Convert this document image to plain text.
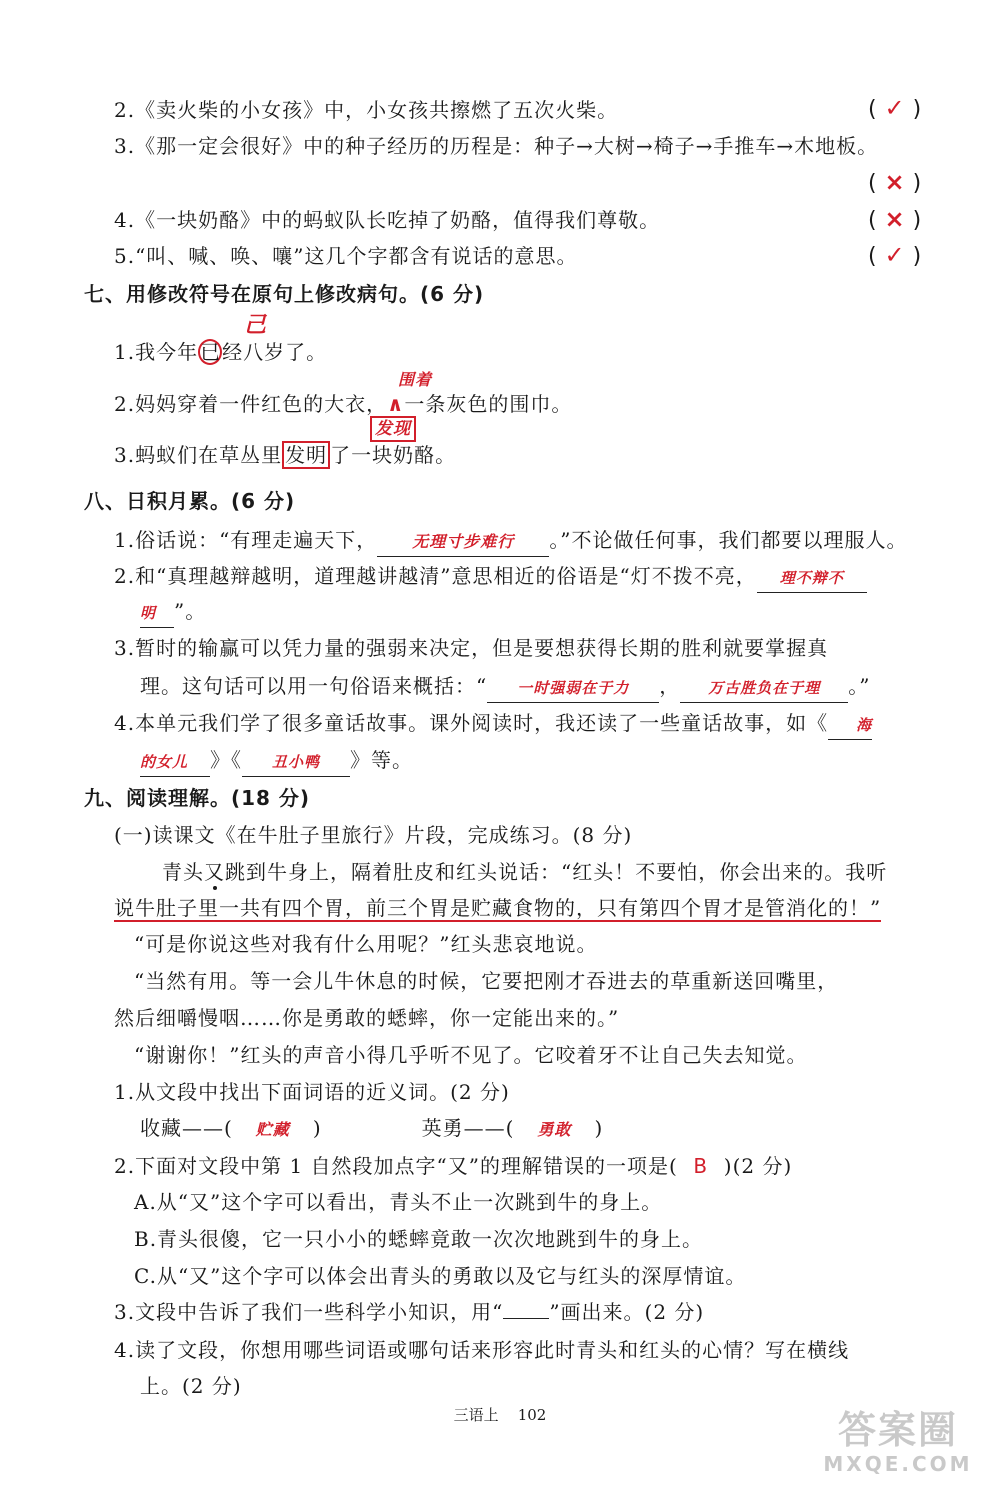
2.《卖火柴的小女孩》中，小女孩共擦燃了五次火柴。	( ✓ )
3.《那一定会很好》中的种子经历的历程是：种子→大树→椅子→手推车→木地板。
( × )
4.《一块奶酪》中的蚂蚁队长吃掉了奶酪，值得我们尊敬。	( × )
5.“叫、喊、唤、嚷”这几个字都含有说话的意思。	( ✓ )
七、用修改符号在原句上修改病句。(6 分)
1.我今年 已经八岁了。
己
2.妈妈穿着一件红色的大衣，∧一条灰色的围巾。
围着
3.蚂蚁们在草丛里 发明 了一块奶酪。
发现
八、日积月累。(6 分)
1.俗话说：“有理走遍天下， 无理寸步难行 。”不论做任何事，我们都要以理服人。
2.和“真理越辩越明，道理越讲越清”意思相近的俗语是“灯不拨不亮， 理不辩不
明 ”。
3.暂时的输赢可以凭力量的强弱来决定，但是要想获得长期的胜利就要掌握真
理。这句话可以用一句俗语来概括：“ 一时强弱在于力 ， 万古胜负在于理 。”
4.本单元我们学了很多童话故事。课外阅读时，我还读了一些童话故事，如《 海
的女儿 》《 丑小鸭 》等。
九、阅读理解。(18 分)
(一)读课文《在牛肚子里旅行》片段，完成练习。(8 分)
青头又跳到牛身上，隔着肚皮和红头说话：“红头！不要怕，你会出来的。我听
说牛肚子里一共有四个胃，前三个胃是贮藏食物的，只有第四个胃才是管消化的！”
“可是你说这些对我有什么用呢？”红头悲哀地说。
“当然有用。等一会儿牛休息的时候，它要把刚才吞进去的草重新送回嘴里，
然后细嚼慢咽……你是勇敢的蟋蟀，你一定能出来的。”
“谢谢你！”红头的声音小得几乎听不见了。它咬着牙不让自己失去知觉。
1.从文段中找出下面词语的近义词。(2 分)
收藏——( 贮藏 )	英勇——( 勇敢 )
2.下面对文段中第 1 自然段加点字“又”的理解错误的一项是( B )(2 分)
A.从“又”这个字可以看出，青头不止一次跳到牛的身上。
B.青头很傻，它一只小小的蟋蟀竟敢一次次地跳到牛的身上。
C.从“又”这个字可以体会出青头的勇敢以及它与红头的深厚情谊。
3.文段中告诉了我们一些科学小知识，用“ ”画出来。(2 分)
4.读了文段，你想用哪些词语或哪句话来形容此时青头和红头的心情？写在横线
上。(2 分)
三语上 102	答案圈
MXQE.COM
